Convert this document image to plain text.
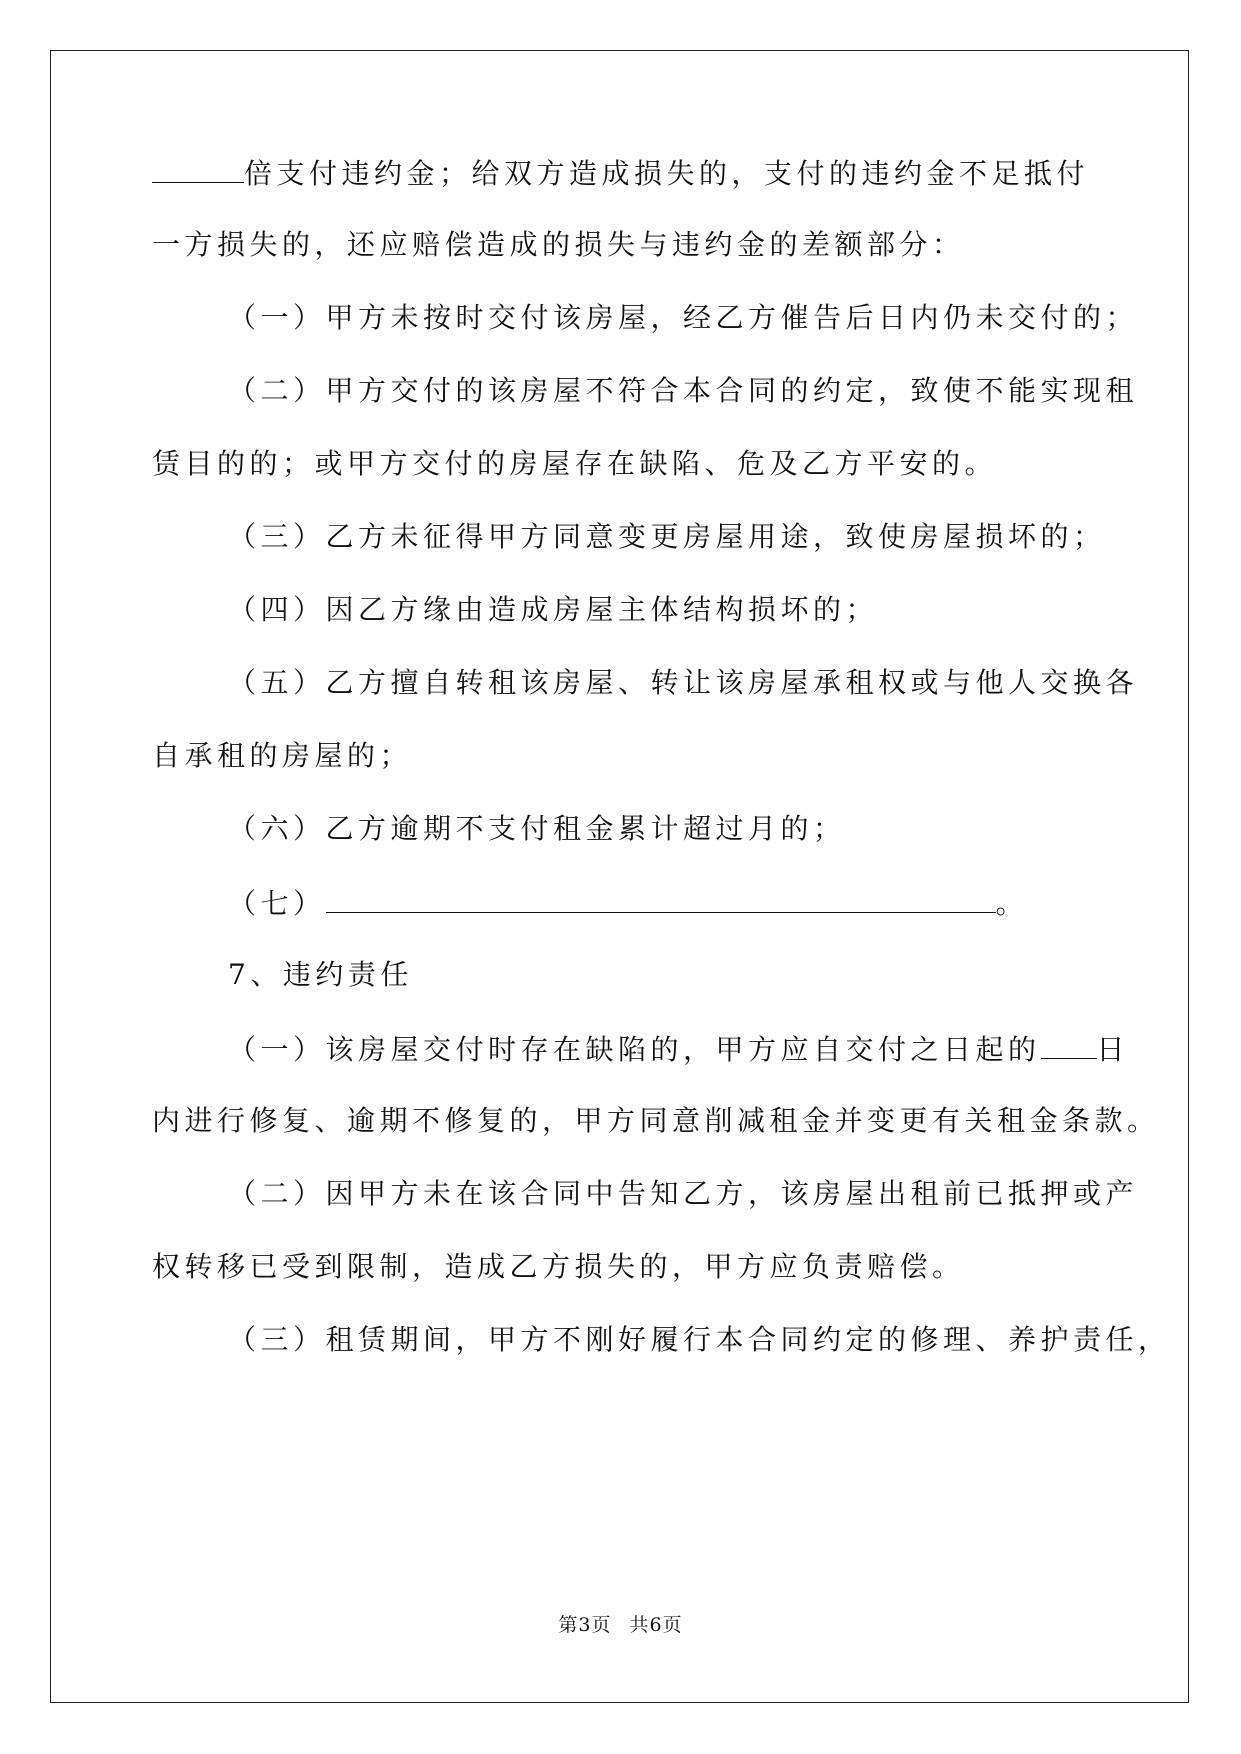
倍支付违约金；给双方造成损失的，支付的违约金不足抵付
一方损失的，还应赔偿造成的损失与违约金的差额部分：
（一）甲方未按时交付该房屋，经乙方催告后日内仍未交付的；
（二）甲方交付的该房屋不符合本合同的约定，致使不能实现租
赁目的的；或甲方交付的房屋存在缺陷、危及乙方平安的。
（三）乙方未征得甲方同意变更房屋用途，致使房屋损坏的；
（四）因乙方缘由造成房屋主体结构损坏的；
（五）乙方擅自转租该房屋、转让该房屋承租权或与他人交换各
自承租的房屋的；
（六）乙方逾期不支付租金累计超过月的；
（七）	。
7、违约责任
（一）该房屋交付时存在缺陷的，甲方应自交付之日起的 日
内进行修复、逾期不修复的，甲方同意削减租金并变更有关租金条款。
（二）因甲方未在该合同中告知乙方，该房屋出租前已抵押或产
权转移已受到限制，造成乙方损失的，甲方应负责赔偿。
（三）租赁期间，甲方不刚好履行本合同约定的修理、养护责任，
第3页 共6页
